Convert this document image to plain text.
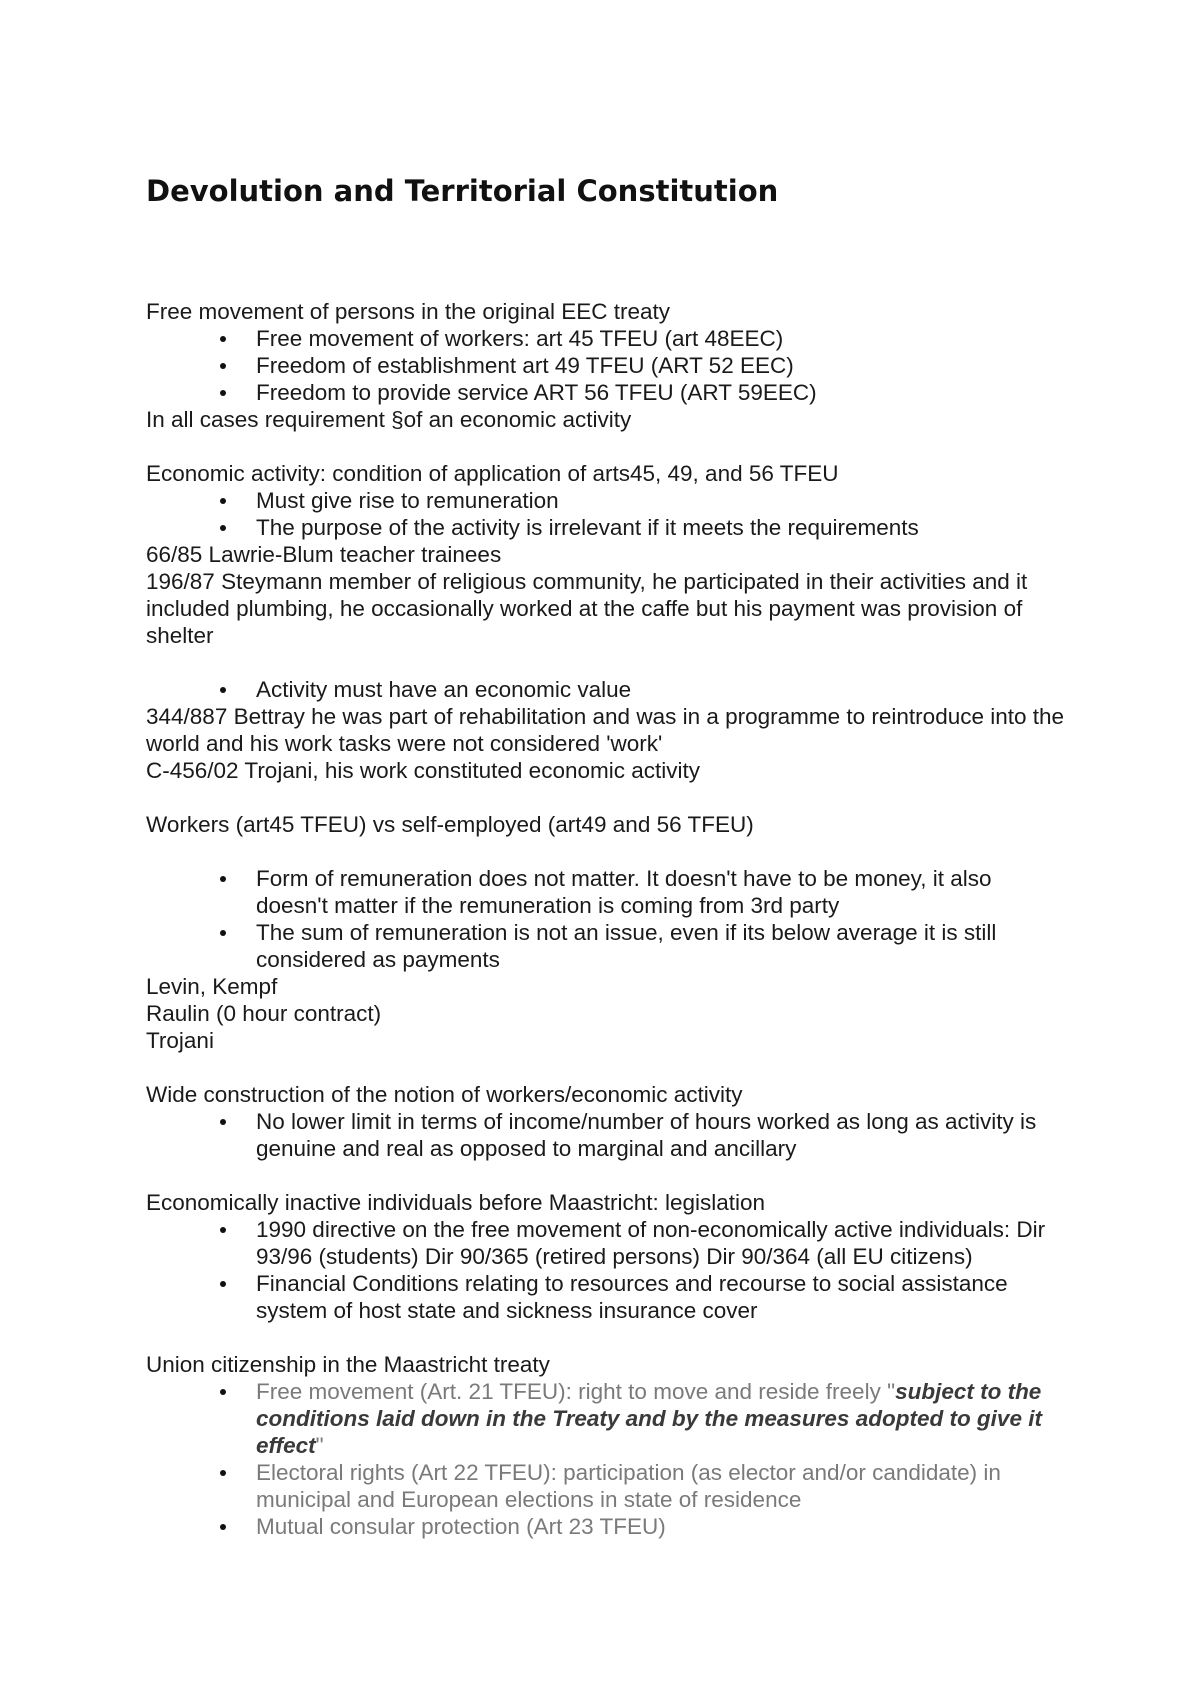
Devolution and Territorial Constitution

Free movement of persons in the original EEC treaty

Free movement of workers: art 45 TFEU (art 48EEC)
Freedom of establishment art 49 TFEU (ART 52 EEC)
Freedom to provide service ART 56 TFEU (ART 59EEC)

In all cases requirement §of an economic activity

Economic activity: condition of application of arts45, 49, and 56 TFEU

Must give rise to remuneration
The purpose of the activity is irrelevant if it meets the requirements

66/85 Lawrie-Blum teacher trainees

196/87 Steymann member of religious community, he participated in their activities and it included plumbing, he occasionally worked at the caffe but his payment was provision of shelter

Activity must have an economic value

344/887 Bettray he was part of rehabilitation and was in a programme to reintroduce into the world and his work tasks were not considered 'work'

C-456/02 Trojani, his work constituted economic activity

Workers (art45 TFEU) vs self-employed (art49 and 56 TFEU)

Form of remuneration does not matter. It doesn't have to be money, it also doesn't matter if the remuneration is coming from 3rd party
The sum of remuneration is not an issue, even if its below average it is still considered as payments

Levin, Kempf

Raulin (0 hour contract)

Trojani

Wide construction of the notion of workers/economic activity

No lower limit in terms of income/number of hours worked as long as activity is genuine and real as opposed to marginal and ancillary

Economically inactive individuals before Maastricht: legislation

1990 directive on the free movement of non-economically active individuals: Dir 93/96 (students) Dir 90/365 (retired persons) Dir 90/364 (all EU citizens)
Financial Conditions relating to resources and recourse to social assistance system of host state and sickness insurance cover

Union citizenship in the Maastricht treaty

Free movement (Art. 21 TFEU): right to move and reside freely "subject to the conditions laid down in the Treaty and by the measures adopted to give it effect"
Electoral rights (Art 22 TFEU): participation (as elector and/or candidate) in municipal and European elections in state of residence
Mutual consular protection (Art 23 TFEU)
